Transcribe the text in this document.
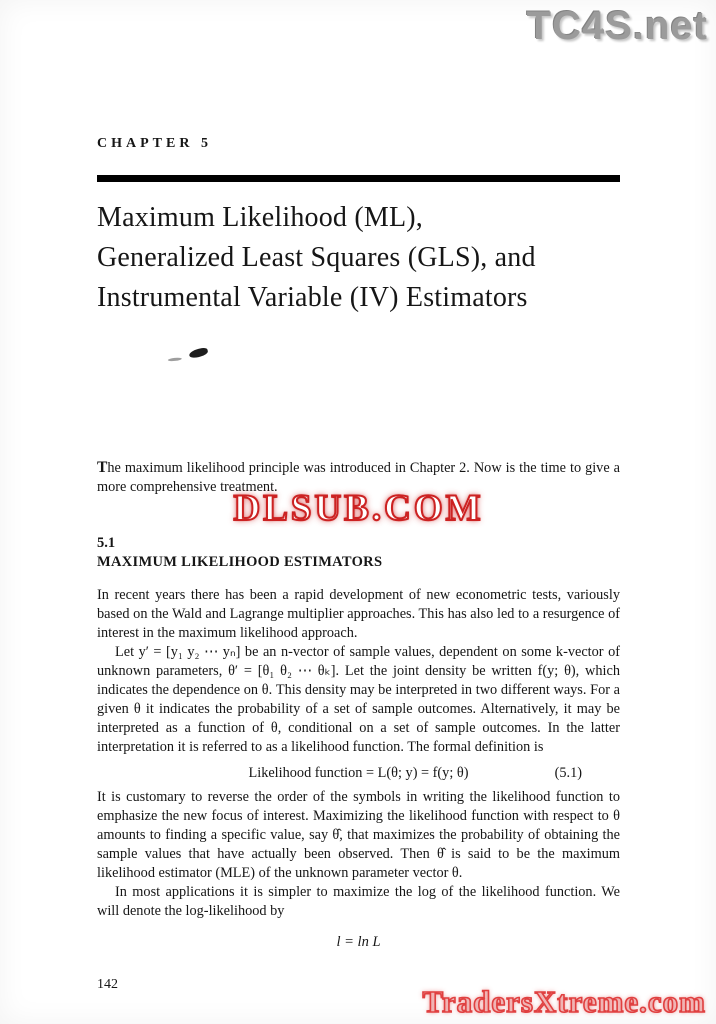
TC4S.net
CHAPTER 5
Maximum Likelihood (ML),
Generalized Least Squares (GLS), and
Instrumental Variable (IV) Estimators
The maximum likelihood principle was introduced in Chapter 2. Now is the time to give a more comprehensive treatment.
5.1
MAXIMUM LIKELIHOOD ESTIMATORS
In recent years there has been a rapid development of new econometric tests, variously based on the Wald and Lagrange multiplier approaches. This has also led to a resurgence of interest in the maximum likelihood approach.
Let y′ = [y₁ y₂ ⋯ yₙ] be an n-vector of sample values, dependent on some k-vector of unknown parameters, θ′ = [θ₁ θ₂ ⋯ θₖ]. Let the joint density be written f(y; θ), which indicates the dependence on θ. This density may be interpreted in two different ways. For a given θ it indicates the probability of a set of sample outcomes. Alternatively, it may be interpreted as a function of θ, conditional on a set of sample outcomes. In the latter interpretation it is referred to as a likelihood function. The formal definition is
Likelihood function = L(θ; y) = f(y; θ)	(5.1)
It is customary to reverse the order of the symbols in writing the likelihood function to emphasize the new focus of interest. Maximizing the likelihood function with respect to θ amounts to finding a specific value, say θ̂, that maximizes the probability of obtaining the sample values that have actually been observed. Then θ̂ is said to be the maximum likelihood estimator (MLE) of the unknown parameter vector θ.
In most applications it is simpler to maximize the log of the likelihood function. We will denote the log-likelihood by
l = ln L
142
DLSUB.COM
TradersXtreme.com
